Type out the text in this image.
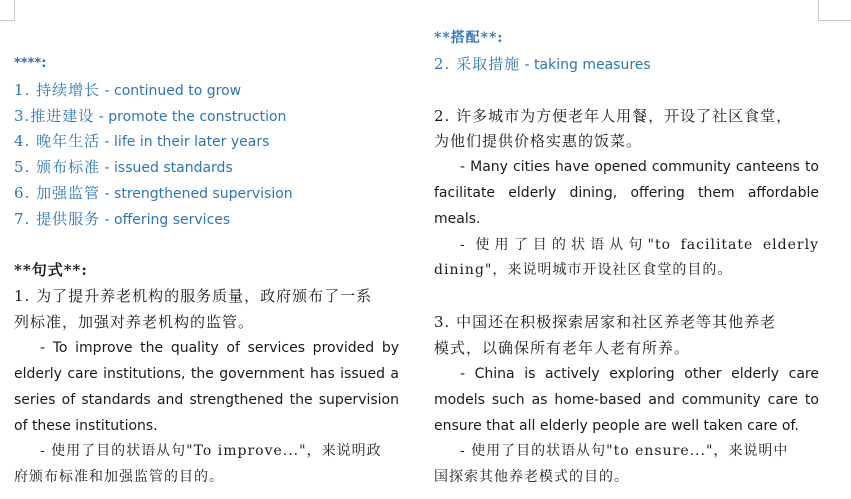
****:
1. 持续增长 - continued to grow
3.推进建设 - promote the construction
4. 晚年生活 - life in their later years
5. 颁布标准 - issued standards
6. 加强监管 - strengthened supervision
7. 提供服务 - offering services
**句式**:
1. 为了提升养老机构的服务质量，政府颁布了一系
列标准，加强对养老机构的监管。
- To improve the quality of services provided by
elderly care institutions, the government has issued a
series of standards and strengthened the supervision
of these institutions.
- 使用了目的状语从句"To improve..."，来说明政
府颁布标准和加强监管的目的。
**搭配**:
2. 采取措施 - taking measures
2. 许多城市为方便老年人用餐，开设了社区食堂，
为他们提供价格实惠的饭菜。
- Many cities have opened community canteens to
facilitate elderly dining, offering them affordable
meals.
- 使用了目的状语从句"to facilitate elderly
dining"，来说明城市开设社区食堂的目的。
3. 中国还在积极探索居家和社区养老等其他养老
模式，以确保所有老年人老有所养。
- China is actively exploring other elderly care
models such as home-based and community care to
ensure that all elderly people are well taken care of.
- 使用了目的状语从句"to ensure..."，来说明中
国探索其他养老模式的目的。
